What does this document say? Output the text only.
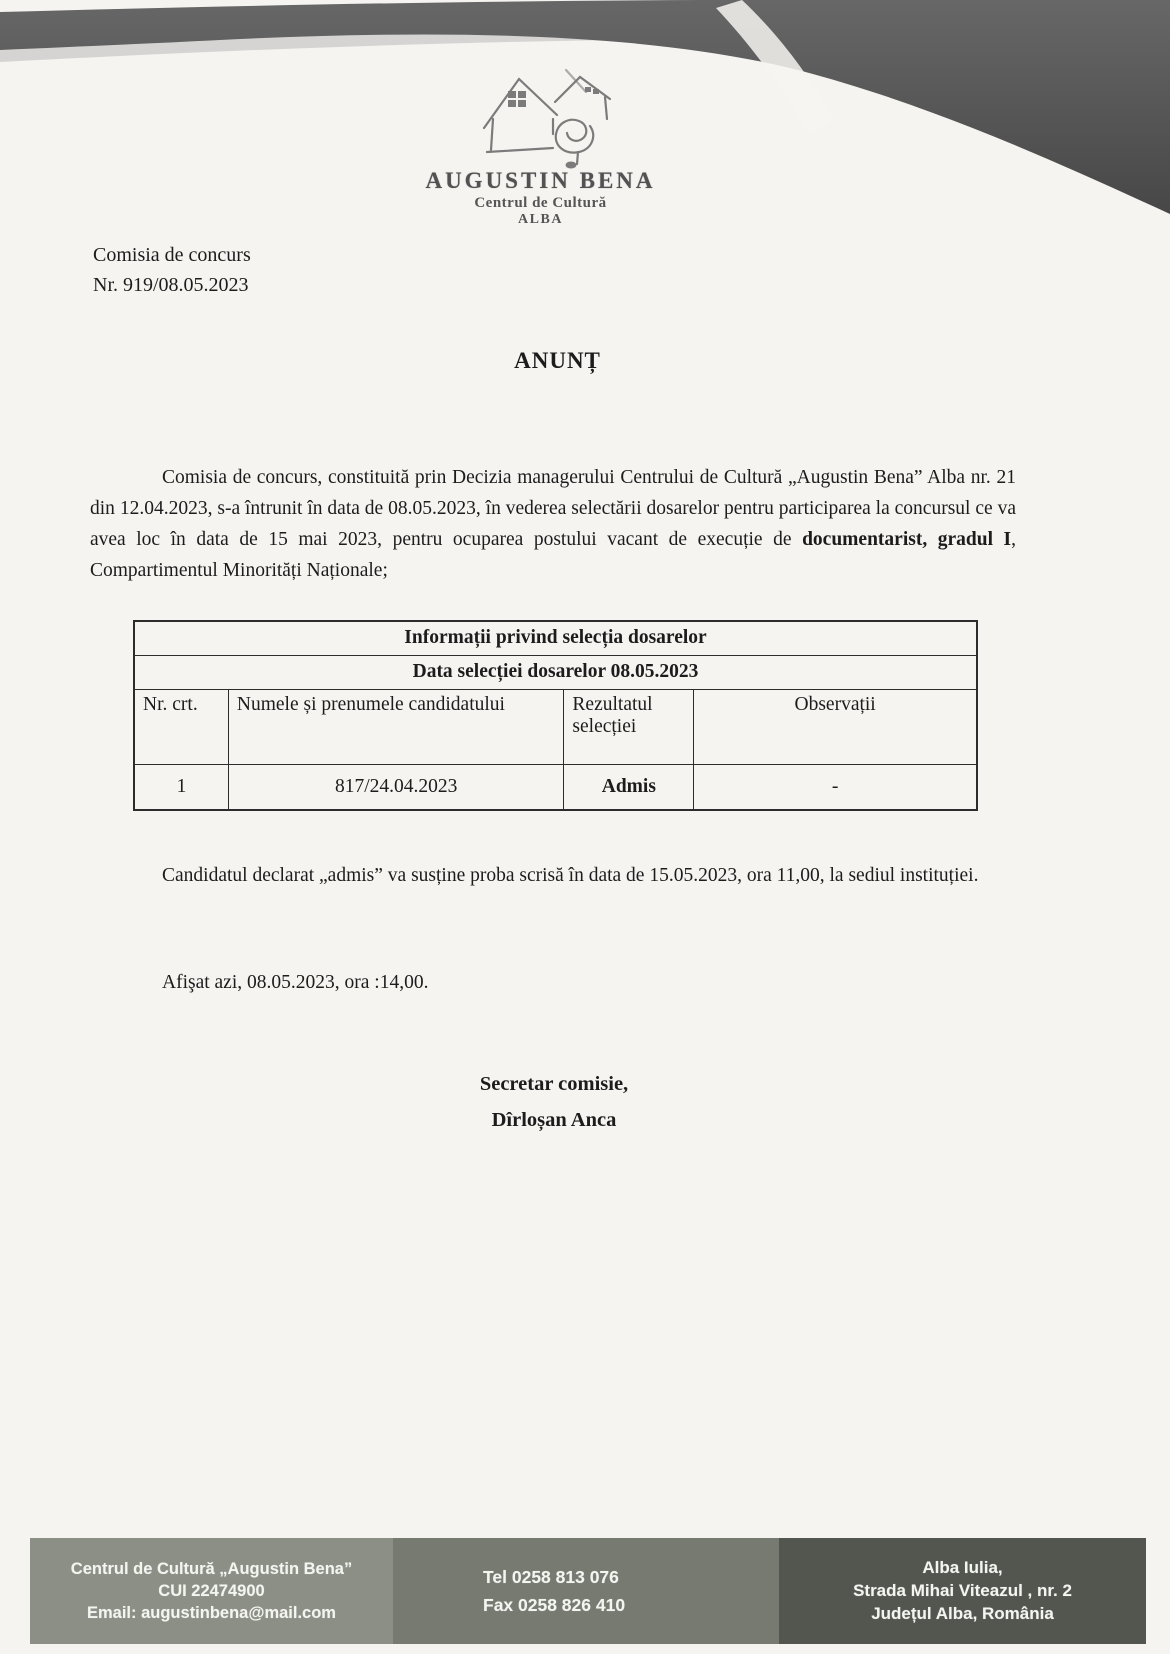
AUGUSTIN BENA
Centrul de Cultură
ALBA
Comisia de concurs
Nr. 919/08.05.2023
ANUNȚ
Comisia de concurs, constituită prin Decizia managerului Centrului de Cultură „Augustin Bena” Alba nr. 21 din 12.04.2023, s-a întrunit în data de 08.05.2023, în vederea selectării dosarelor pentru participarea la concursul ce va avea loc în data de 15 mai 2023, pentru ocuparea postului vacant de execuție de documentarist, gradul I, Compartimentul Minorități Naționale;
Informații privind selecția dosarelor			
Data selecției dosarelor 08.05.2023			
Nr. crt.	Numele și prenumele candidatului	Rezultatul selecției	Observații
1	817/24.04.2023	Admis	-
Candidatul declarat „admis” va susține proba scrisă în data de 15.05.2023, ora 11,00, la sediul instituției.
Afişat azi, 08.05.2023, ora :14,00.
Secretar comisie,
Dîrloșan Anca
Centrul de Cultură „Augustin Bena”
CUI 22474900
Email: augustinbena@mail.com
Tel 0258 813 076
Fax 0258 826 410
Alba Iulia,
Strada Mihai Viteazul , nr. 2
Județul Alba, România
